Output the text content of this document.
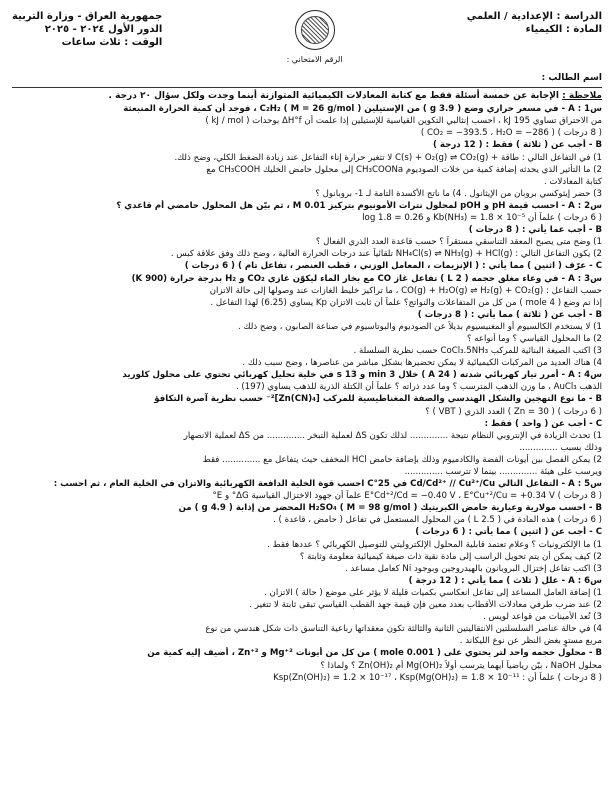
الدراسة : الإعدادية / العلمي
المادة : الكيمياء
الرقم الامتحاني :
جمهورية العراق - وزارة التربية
الدور الأول ٢٠٢٤ - ٢٠٢٥
الوقت : ثلاث ساعات
اسم الطالب :
ملاحظة : الإجابة عن خمسة أسئلة فقط مع كتابة المعادلات الكيميائية المتوازنة أينما وجدت ولكل سؤال ٢٠ درجة .
س1 : A - في مسعر حراري وضع ( 3.9 g ) من الإستيلين ( M = 26 g/mol ) C₂H₂ ، فوجد أن كمية الحرارة المنبعثة
من الاحتراق تساوي 195 kJ ، احسب إنثالبي التكوين القياسية للإستيلين إذا علمت أن ΔH°f بوحدات ( kJ / mol )
( 8 درجات ) ( CO₂ = −393.5 ، H₂O = −286 )
B - أجب عن ( ثلاثة ) فقط : ( 12 درجة )
1) في التفاعل التالي : طاقة + C(s) + O₂(g) ⇌ CO₂(g) لا تتغير حرارة إناء التفاعل عند زيادة الضغط الكلي، وضح ذلك.
2) ما التأثير الذي يحدثه إضافة كمية من خلات الصوديوم CH₃COONa إلى محلول حامض الخليك CH₃COOH مع
كتابة المعادلات .
3) حضر إيثوكسي بروبان من الإيثانول . 4) ما ناتج الأكسدة التامة لـ 1- بروبانول ؟
س2 : A - احسب قيمة pH و pOH لمحلول نترات الأمونيوم بتركيز 0.01 M ، ثم بيّن هل المحلول حامضي أم قاعدي ؟
( 6 درجات ) علماً أن Kb(NH₃) = 1.8 × 10⁻⁵ و log 1.8 = 0.26
B - أجب عما يأتي : ( 8 درجات )
1) وضح متى يصبح المعقد التناسقي مستقراً ؟ حسب قاعدة العدد الذري الفعال ؟
2) يكون التفاعل التالي : NH₄Cl(s) ⇌ NH₃(g) + HCl(g) تلقائياً عند درجات الحرارة العالية ، وضح ذلك وفق علاقة كبس .
C - عرّف ( اثنين ) مما يأتي : ( الإنزيمات ، المعامل الوزني ، قطب العنصر ، تفاعل تام ) ( 6 درجات )
س3 : A - في وعاء مغلق حجمه ( 2 L ) تفاعل غاز CO مع بخار الماء ليكوّن غازي CO₂ و H₂ بدرجة حرارة (900 K)
حسب التفاعل : CO(g) + H₂O(g) ⇌ H₂(g) + CO₂(g) ، ما تراكيز خليط الغازات عند وصولها إلى حالة الاتزان
إذا تم وضع ( 4 mole ) من كل من المتفاعلات والنواتج؟ علماً أن ثابت الاتزان Kp يساوي (6.25) لهذا التفاعل .
B - أجب عن ( ثلاثة ) مما يأتي : ( 8 درجات )
1) لا يستخدم الكالسيوم أو المغنيسيوم بديلاً عن الصوديوم والبوتاسيوم في صناعة الصابون ، وضح ذلك .
2) ما المحلول القياسي ؟ وما أنواعه ؟
3) اكتب الصيغة البنائية للمركب CoCl₃.5NH₃ حسب نظرية السلسلة .
4) هناك العديد من المركبات الكيميائية لا يمكن تحضيرها بشكل مباشر من عناصرها ، وضح سبب ذلك .
س4 : A - أمرر تيار كهربائي شدته ( 24 A ) خلال 3 min و 13 s في خلية تحليل كهربائي تحتوي على محلول كلوريد
الذهب AuCl₃ ، ما وزن الذهب المترسب ؟ وما عدد ذراته ؟ علماً أن الكتلة الذرية للذهب يساوي (197) .
B - ما نوع التهجين والشكل الهندسي والصفة المغناطيسية للمركب [Zn(CN)₄]²⁻ حسب نظرية آصرة التكافؤ
( 6 درجات ) ( Zn = 30 ) العدد الذري ( VBT ) ؟
C - أجب عن ( واحد ) فقط :
1) تحدث الزيادة في الإنتروبي النظام نتيجة .............. لذلك تكون ΔS لعملية التبخر .............. من ΔS لعملية الانصهار
وذلك بسبب ..............
2) يمكن الفصل بين أيونات الفضة والكادميوم وذلك بإضافة حامض HCl المخفف حيث يتفاعل مع .............. فقط
ويرسب على هيئة .............. بينما لا تترسب ..............
س5 : A - التفاعل التالي Cd/Cd²⁺ // Cu²⁺/Cu في 25°C احسب قوة الخلية الدافعة الكهربائية والاتزان في الخلية العام ، ثم احسب :
( 8 درجات ) E°Cd⁺²/Cd = −0.40 V ، E°Cu⁺²/Cu = +0.34 V علماً أن جهود الاختزال القياسية ΔG° و E°
B - احسب مولارية وعيارية حامض الكبريتيك H₂SO₄ ( M = 98 g/mol ) المحضر من إذابة ( 4.9 g ) من
( 6 درجات ) هذه المادة في ( 2.5 L ) من المحلول المستعمل في تفاعل ( حامض ، قاعدة ) .
C - أجب عن ( اثنين ) مما يأتي : ( 6 درجات )
1) ما الإلكترونيات ؟ وعلام تعتمد قابلية المحلول الإلكتروليتي للتوصيل الكهربائي ؟ عددها فقط .
2) كيف يمكن أن يتم تحويل الراسب إلى مادة نقية ذات صيغة كيميائية معلومة وثابتة ؟
3) اكتب تفاعل إختزال البروبانون بالهيدروجين وبوجود Ni كعامل مساعد .
س6 : A - علل ( ثلاث ) مما يأتي : ( 12 درجة )
1) إضافة العامل المساعد إلى تفاعل انعكاسي بكميات قليلة لا يؤثر على موضع ( حالة ) الاتزان .
2) عند ضرب طرفي معادلات الأقطاب بعدد معين فإن قيمة جهد القطب القياسي تبقى ثابتة لا تتغير .
3) تُعد الأمينات من قواعد لويس .
4) في حالة عناصر السلسلتين الانتقاليتين الثانية والثالثة تكون معقداتها رباعية التناسق ذات شكل هندسي من نوع
مربع مستوٍ بغض النظر عن نوع الليكاند .
B - محلول حجمه واحد لتر يحتوي على ( 0.001 mole ) من كل من أيونات Mg⁺² و Zn⁺² ، أضيف إليه كمية من
محلول NaOH ، بيّن رياضياً أيهما يترسب أولاً Mg(OH)₂ أم Zn(OH)₂ ؟ ولماذا ؟
( 8 درجات ) علماً أن : Ksp(Zn(OH)₂) = 1.2 × 10⁻¹⁷ ، Ksp(Mg(OH)₂) = 1.8 × 10⁻¹¹
